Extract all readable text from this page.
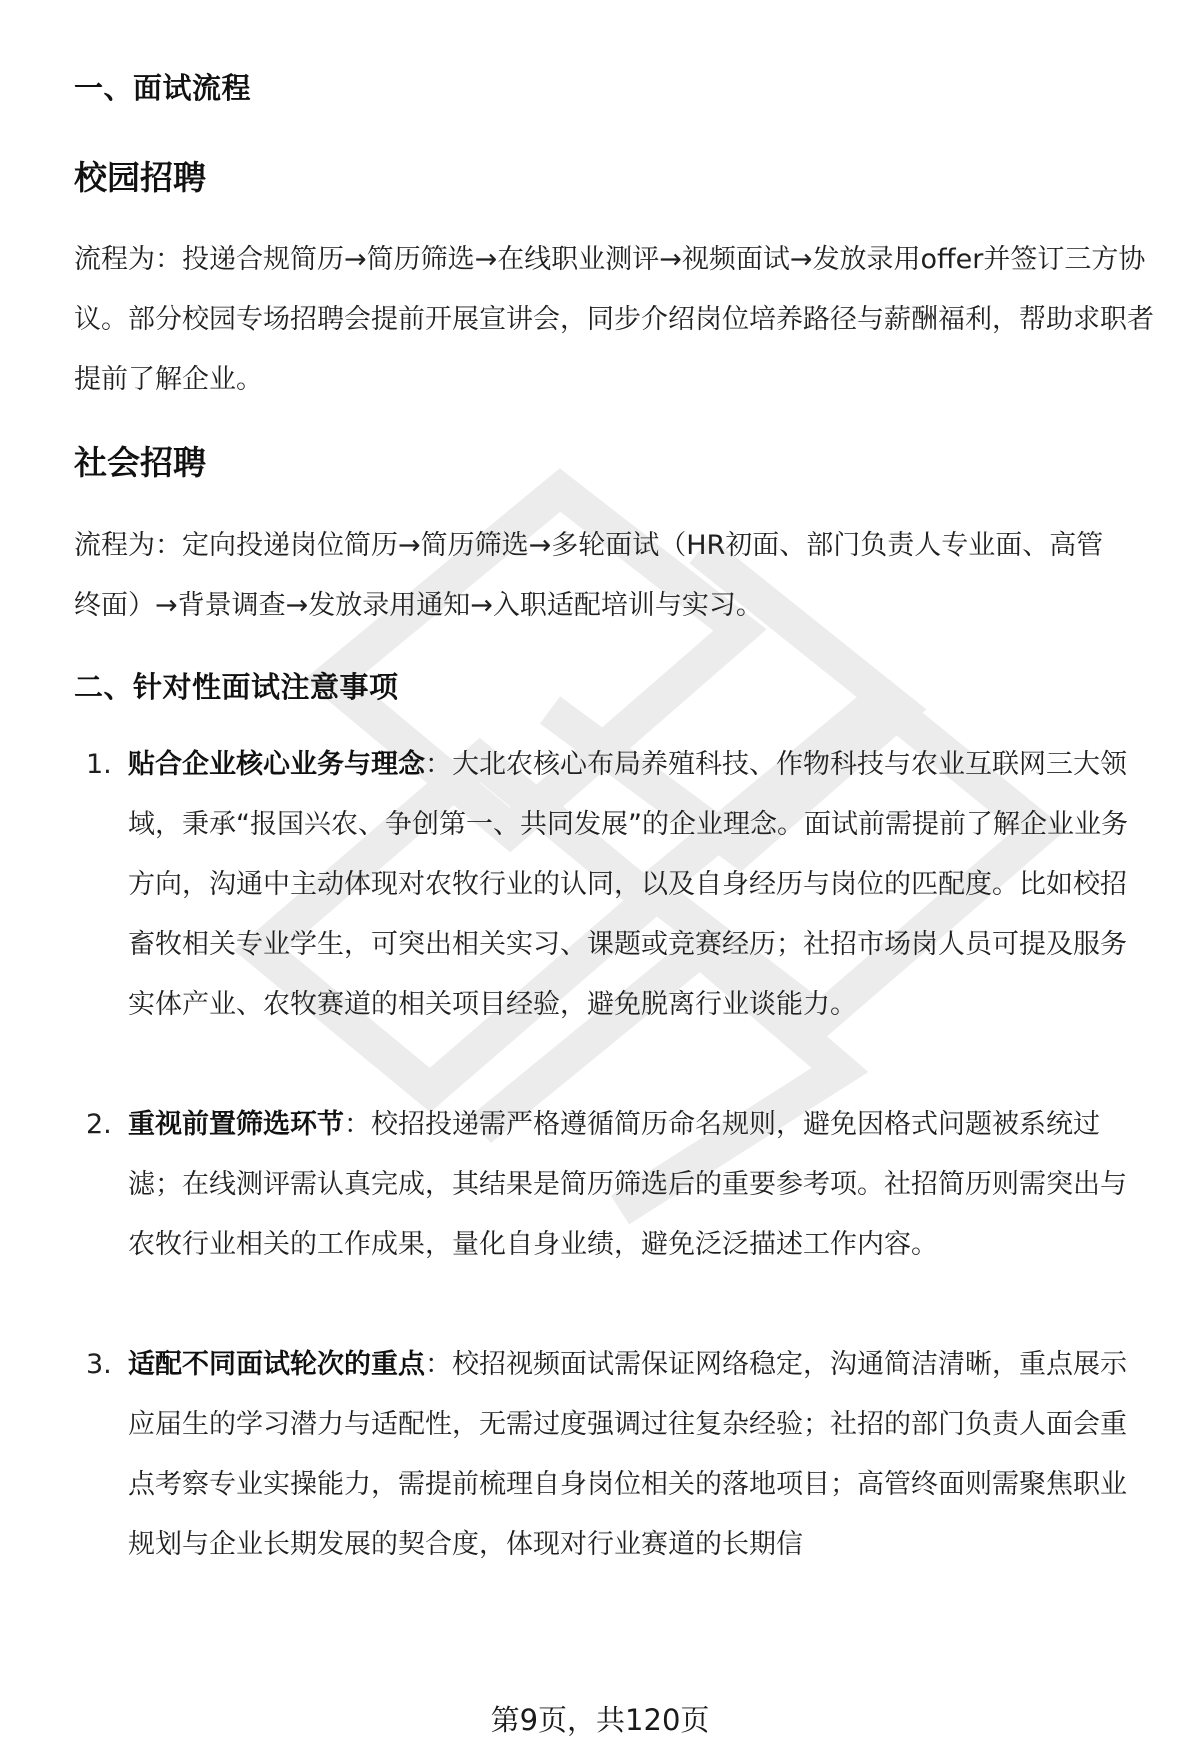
一、面试流程
校园招聘

流程为：投递合规简历→简历筛选→在线职业测评→视频面试→发放录用offer并签订三方协议。部分校园专场招聘会提前开展宣讲会，同步介绍岗位培养路径与薪酬福利，帮助求职者提前了解企业。

社会招聘

流程为：定向投递岗位简历→简历筛选→多轮面试（HR初面、部门负责人专业面、高管终面）→背景调查→发放录用通知→入职适配培训与实习。

二、针对性面试注意事项
1. 贴合企业核心业务与理念：大北农核心布局养殖科技、作物科技与农业互联网三大领域，秉承“报国兴农、争创第一、共同发展”的企业理念。面试前需提前了解企业业务方向，沟通中主动体现对农牧行业的认同，以及自身经历与岗位的匹配度。比如校招畜牧相关专业学生，可突出相关实习、课题或竞赛经历；社招市场岗人员可提及服务实体产业、农牧赛道的相关项目经验，避免脱离行业谈能力。

2. 重视前置筛选环节：校招投递需严格遵循简历命名规则，避免因格式问题被系统过滤；在线测评需认真完成，其结果是简历筛选后的重要参考项。社招简历则需突出与农牧行业相关的工作成果，量化自身业绩，避免泛泛描述工作内容。

3. 适配不同面试轮次的重点：校招视频面试需保证网络稳定，沟通简洁清晰，重点展示应届生的学习潜力与适配性，无需过度强调过往复杂经验；社招的部门负责人面会重点考察专业实操能力，需提前梳理自身岗位相关的落地项目；高管终面则需聚焦职业规划与企业长期发展的契合度，体现对行业赛道的长期信

第9页，共120页
